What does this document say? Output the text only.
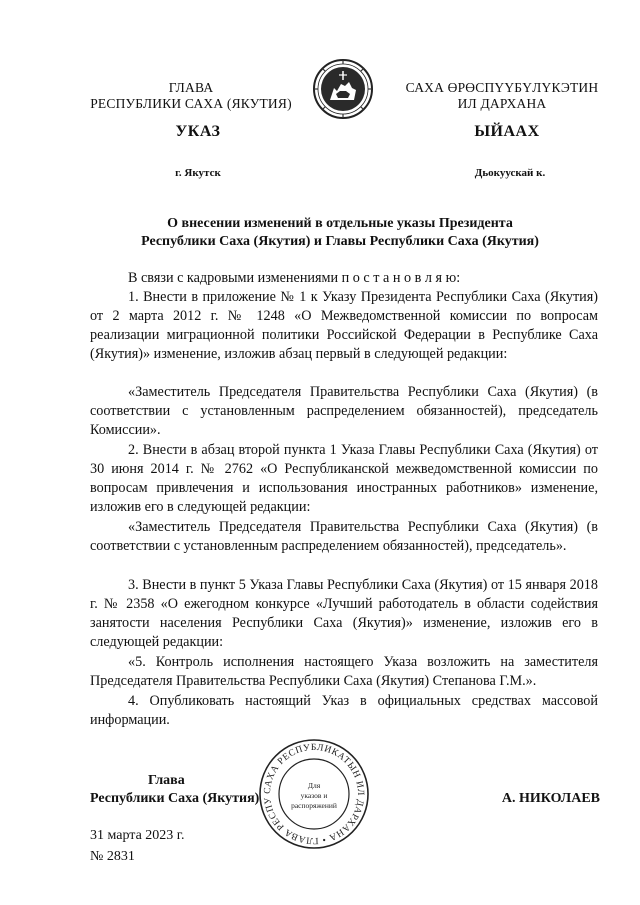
ГЛАВА
РЕСПУБЛИКИ САХА (ЯКУТИЯ)
САХА ӨРӨСПҮҮБҮЛҮКЭТИН
ИЛ ДАРХАНА
УКАЗ	ЫЙААХ
г. Якутск	Дьокуускай к.
О внесении изменений в отдельные указы Президента
Республики Саха (Якутия) и Главы Республики Саха (Якутия)
В связи с кадровыми изменениями п о с т а н о в л я ю:
1. Внести в приложение № 1 к Указу Президента Республики Саха (Якутия) от 2 марта 2012 г. № 1248 «О Межведомственной комиссии по вопросам реализации миграционной политики Российской Федерации в Республике Саха (Якутия)» изменение, изложив абзац первый в следующей редакции:
«Заместитель Председателя Правительства Республики Саха (Якутия) (в соответствии с установленным распределением обязанностей), председатель Комиссии».
2. Внести в абзац второй пункта 1 Указа Главы Республики Саха (Якутия) от 30 июня 2014 г. № 2762 «О Республиканской межведомственной комиссии по вопросам привлечения и использования иностранных работников» изменение, изложив его в следующей редакции:
«Заместитель Председателя Правительства Республики Саха (Якутия) (в соответствии с установленным распределением обязанностей), председатель».
3. Внести в пункт 5 Указа Главы Республики Саха (Якутия) от 15 января 2018 г. № 2358 «О ежегодном конкурсе «Лучший работодатель в области содействия занятости населения Республики Саха (Якутия)» изменение, изложив его в следующей редакции:
«5. Контроль исполнения настоящего Указа возложить на заместителя Председателя Правительства Республики Саха (Якутия) Степанова Г.М.».
4. Опубликовать настоящий Указ в официальных средствах массовой информации.
САХА РЕСПУБЛИКАТЫН ИЛ ДАРХАНА • ГЛАВА РЕСПУ
Для
указов и
распоряжений
Глава
Республики Саха (Якутия)	А. НИКОЛАЕВ
31 марта 2023 г.
№ 2831
